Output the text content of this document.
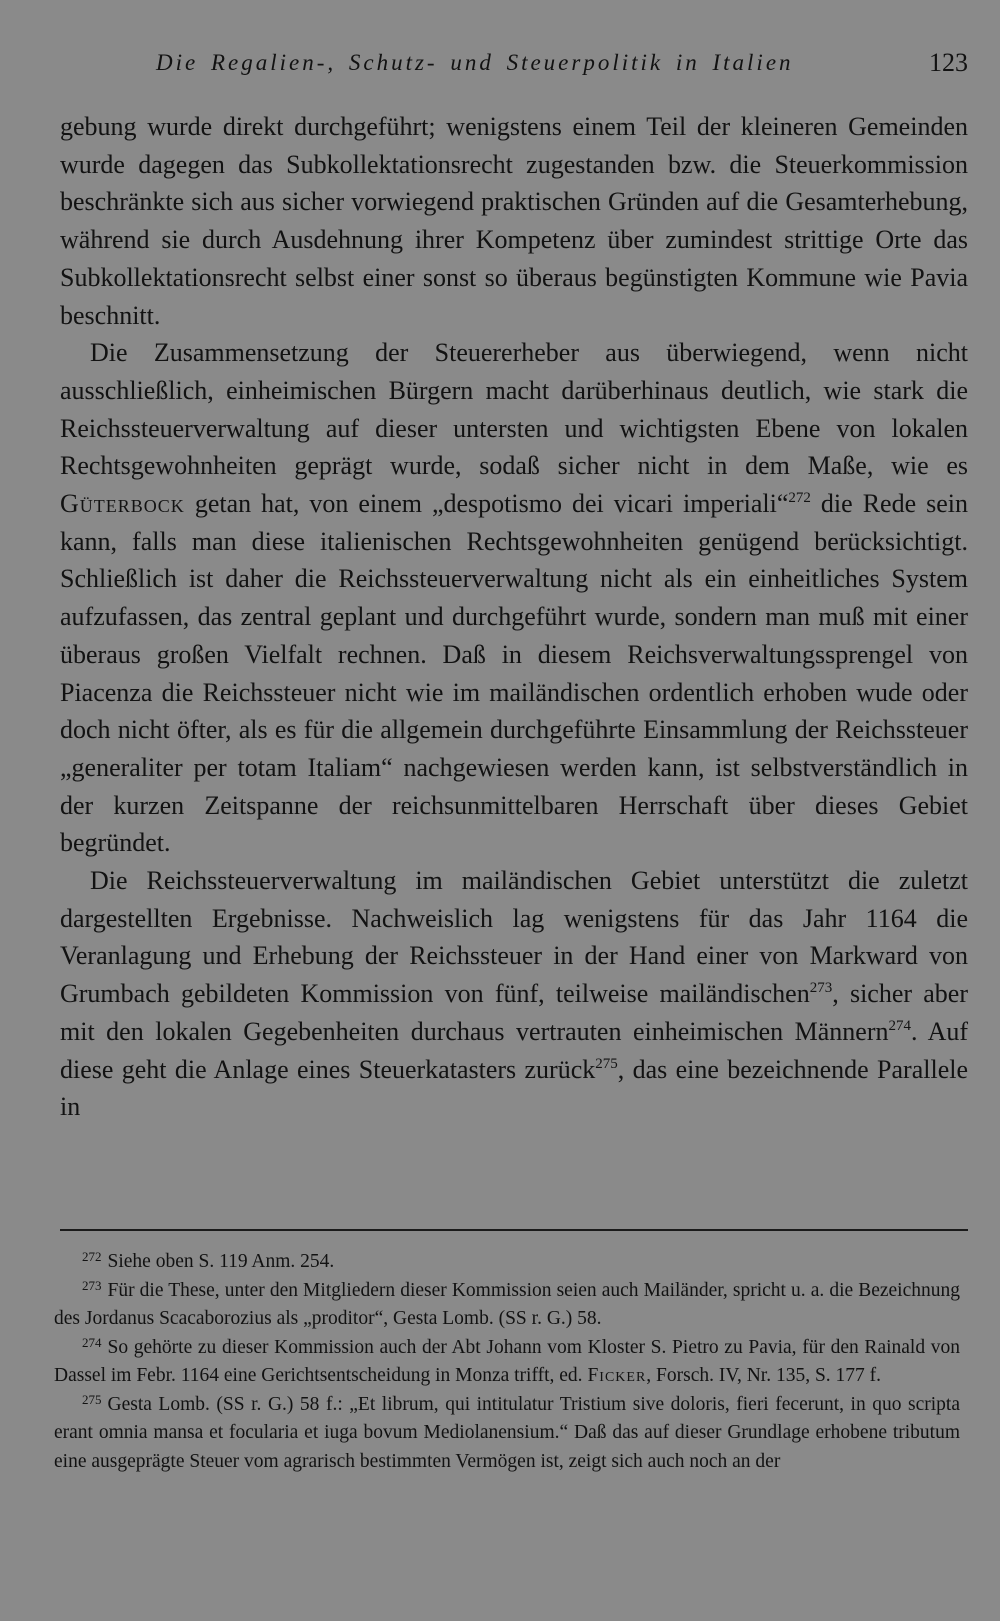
Die Regalien-, Schutz- und Steuerpolitik in Italien	123

gebung wurde direkt durchgeführt; wenigstens einem Teil der kleineren Gemeinden wurde dagegen das Subkollektationsrecht zugestanden bzw. die Steuerkommission beschränkte sich aus sicher vorwiegend praktischen Gründen auf die Gesamterhebung, während sie durch Ausdehnung ihrer Kompetenz über zumindest strittige Orte das Subkollektationsrecht selbst einer sonst so überaus begünstigten Kommune wie Pavia beschnitt.

Die Zusammensetzung der Steuererheber aus überwiegend, wenn nicht ausschließlich, einheimischen Bürgern macht darüberhinaus deutlich, wie stark die Reichssteuerverwaltung auf dieser untersten und wichtigsten Ebene von lokalen Rechtsgewohnheiten geprägt wurde, sodaß sicher nicht in dem Maße, wie es Güterbock getan hat, von einem „despotismo dei vicari imperiali“$^{272}$ die Rede sein kann, falls man diese italienischen Rechtsgewohnheiten genügend berücksichtigt. Schließlich ist daher die Reichssteuerverwaltung nicht als ein einheitliches System aufzufassen, das zentral geplant und durchgeführt wurde, sondern man muß mit einer überaus großen Vielfalt rechnen. Daß in diesem Reichsverwaltungssprengel von Piacenza die Reichssteuer nicht wie im mailändischen ordentlich erhoben wude oder doch nicht öfter, als es für die allgemein durchgeführte Einsammlung der Reichssteuer „generaliter per totam Italiam“ nachgewiesen werden kann, ist selbstverständlich in der kurzen Zeitspanne der reichsunmittelbaren Herrschaft über dieses Gebiet begründet.

Die Reichssteuerverwaltung im mailändischen Gebiet unterstützt die zuletzt dargestellten Ergebnisse. Nachweislich lag wenigstens für das Jahr 1164 die Veranlagung und Erhebung der Reichssteuer in der Hand einer von Markward von Grumbach gebildeten Kommission von fünf, teilweise mailändischen$^{273}$, sicher aber mit den lokalen Gegebenheiten durchaus vertrauten einheimischen Männern$^{274}$. Auf diese geht die Anlage eines Steuerkatasters zurück$^{275}$, das eine bezeichnende Parallele in

$^{272}$ Siehe oben S. 119 Anm. 254.

$^{273}$ Für die These, unter den Mitgliedern dieser Kommission seien auch Mailänder, spricht u. a. die Bezeichnung des Jordanus Scacaborozius als „proditor“, Gesta Lomb. (SS r. G.) 58.

$^{274}$ So gehörte zu dieser Kommission auch der Abt Johann vom Kloster S. Pietro zu Pavia, für den Rainald von Dassel im Febr. 1164 eine Gerichtsentscheidung in Monza trifft, ed. Ficker, Forsch. IV, Nr. 135, S. 177 f.

$^{275}$ Gesta Lomb. (SS r. G.) 58 f.: „Et librum, qui intitulatur Tristium sive doloris, fieri fecerunt, in quo scripta erant omnia mansa et focularia et iuga bovum Mediolanensium.“ Daß das auf dieser Grundlage erhobene tributum eine ausgeprägte Steuer vom agrarisch bestimmten Vermögen ist, zeigt sich auch noch an der
